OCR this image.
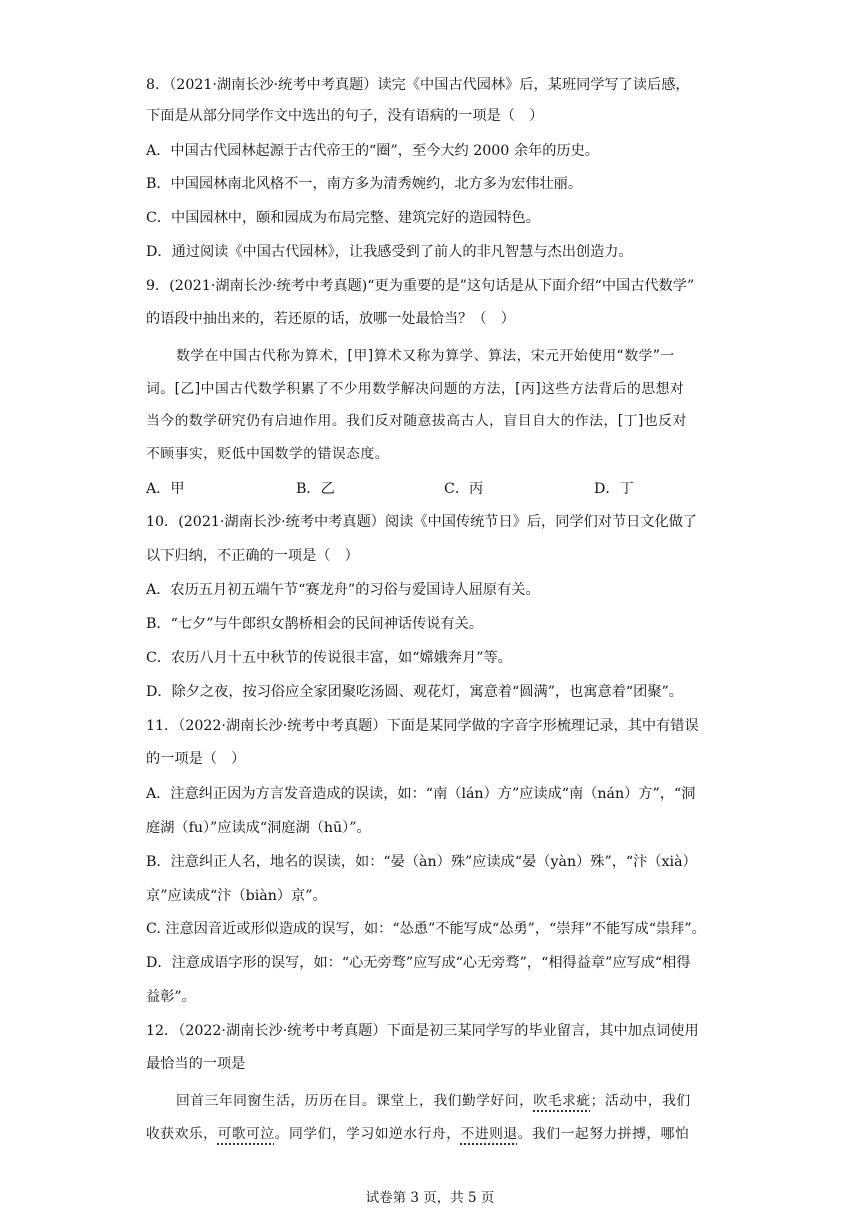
8．（2021·湖南长沙·统考中考真题）读完《中国古代园林》后，某班同学写了读后感，
下面是从部分同学作文中选出的句子，没有语病的一项是（　）
A．中国古代园林起源于古代帝王的“圈”，至今大约 2000 余年的历史。
B．中国园林南北风格不一，南方多为清秀婉约，北方多为宏伟壮丽。
C．中国园林中，颐和园成为布局完整、建筑完好的造园特色。
D．通过阅读《中国古代园林》，让我感受到了前人的非凡智慧与杰出创造力。
9．(2021·湖南长沙·统考中考真题)“更为重要的是”这句话是从下面介绍“中国古代数学”
的语段中抽出来的，若还原的话，放哪一处最恰当？（　）
数学在中国古代称为算术，[甲]算术又称为算学、算法，宋元开始使用“数学”一
词。[乙]中国古代数学积累了不少用数学解决问题的方法，[丙]这些方法背后的思想对
当今的数学研究仍有启迪作用。我们反对随意拔高古人，盲目自大的作法，[丁]也反对
不顾事实，贬低中国数学的错误态度。
A．甲	B．乙	C．丙	D．丁
10．(2021·湖南长沙·统考中考真题）阅读《中国传统节日》后，同学们对节日文化做了
以下归纳，不正确的一项是（　）
A．农历五月初五端午节“赛龙舟”的习俗与爱国诗人屈原有关。
B．“七夕”与牛郎织女鹊桥相会的民间神话传说有关。
C．农历八月十五中秋节的传说很丰富，如“嫦娥奔月”等。
D．除夕之夜，按习俗应全家团聚吃汤圆、观花灯，寓意着“圆满”，也寓意着“团聚”。
11．（2022·湖南长沙·统考中考真题）下面是某同学做的字音字形梳理记录，其中有错误
的一项是（　）
A．注意纠正因为方言发音造成的误读，如：“南（lán）方”应读成“南（nán）方”，“洞
庭湖（fu）”应读成“洞庭湖（hū）”。
B．注意纠正人名，地名的误读，如：“晏（àn）殊”应读成“晏（yàn）殊”，“汴（xià）
京”应读成“汴（biàn）京”。
C. 注意因音近或形似造成的误写，如：“怂恿”不能写成“怂勇”，“崇拜”不能写成“祟拜”。
D．注意成语字形的误写，如：“心无旁骛”应写成“心无旁骛”，“相得益章”应写成“相得
益彰”。
12．（2022·湖南长沙·统考中考真题）下面是初三某同学写的毕业留言，其中加点词使用
最恰当的一项是
回首三年同窗生活，历历在目。课堂上，我们勤学好问，吹毛求疵；活动中，我们
收获欢乐，可歌可泣。同学们，学习如逆水行舟，不进则退。我们一起努力拼搏，哪怕
试卷第 3 页，共 5 页
